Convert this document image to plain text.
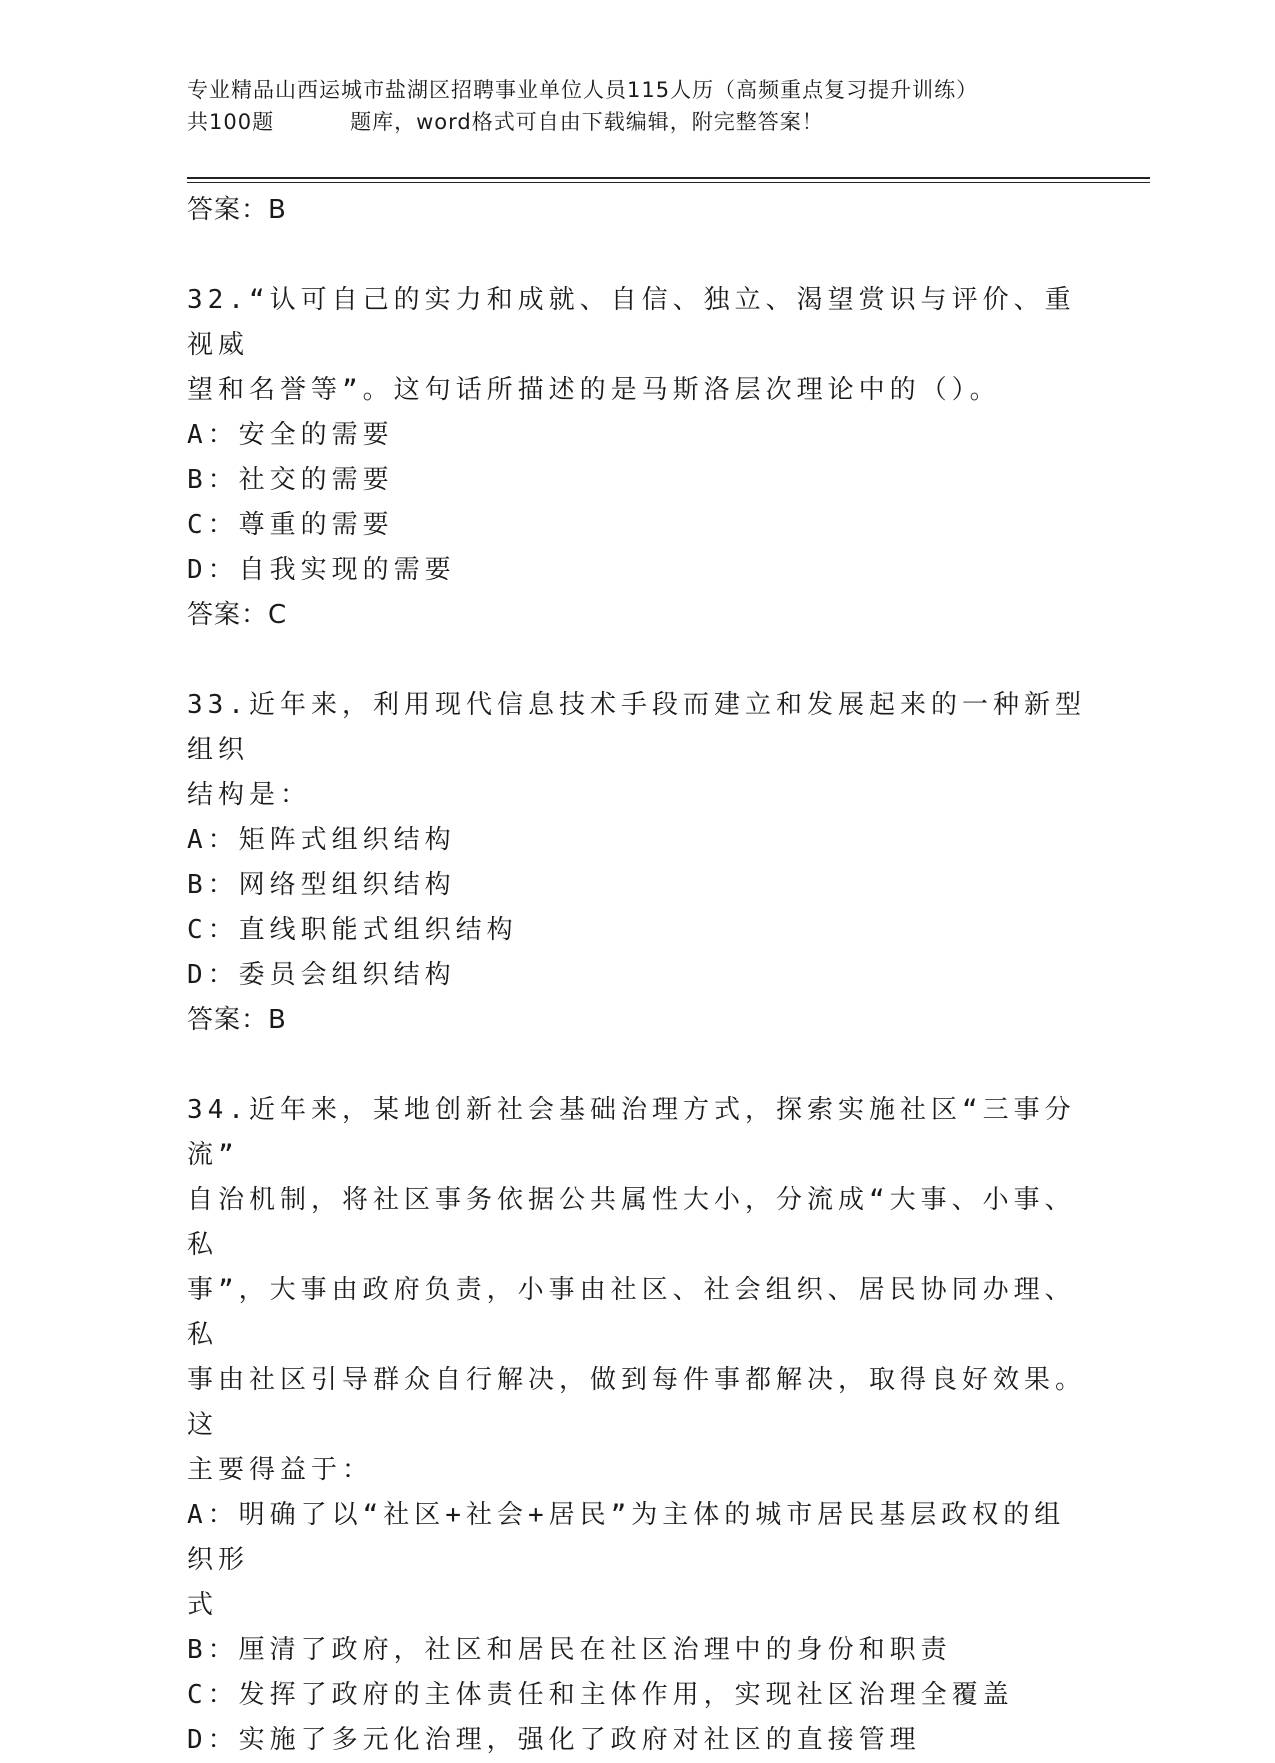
专业精品山西运城市盐湖区招聘事业单位人员115人历（高频重点复习提升训练）
共100题	题库，word格式可自由下载编辑，附完整答案！
答案：B
32.“认可自己的实力和成就、自信、独立、渴望赏识与评价、重视威
望和名誉等”。这句话所描述的是马斯洛层次理论中的（）。
A：安全的需要
B：社交的需要
C：尊重的需要
D：自我实现的需要
答案：C
33.近年来，利用现代信息技术手段而建立和发展起来的一种新型组织
结构是：
A：矩阵式组织结构
B：网络型组织结构
C：直线职能式组织结构
D：委员会组织结构
答案：B
34.近年来，某地创新社会基础治理方式，探索实施社区“三事分流”
自治机制，将社区事务依据公共属性大小，分流成“大事、小事、私
事”，大事由政府负责，小事由社区、社会组织、居民协同办理、私
事由社区引导群众自行解决，做到每件事都解决，取得良好效果。这
主要得益于：
A：明确了以“社区+社会+居民”为主体的城市居民基层政权的组织形
式
B：厘清了政府，社区和居民在社区治理中的身份和职责
C：发挥了政府的主体责任和主体作用，实现社区治理全覆盖
D：实施了多元化治理，强化了政府对社区的直接管理
